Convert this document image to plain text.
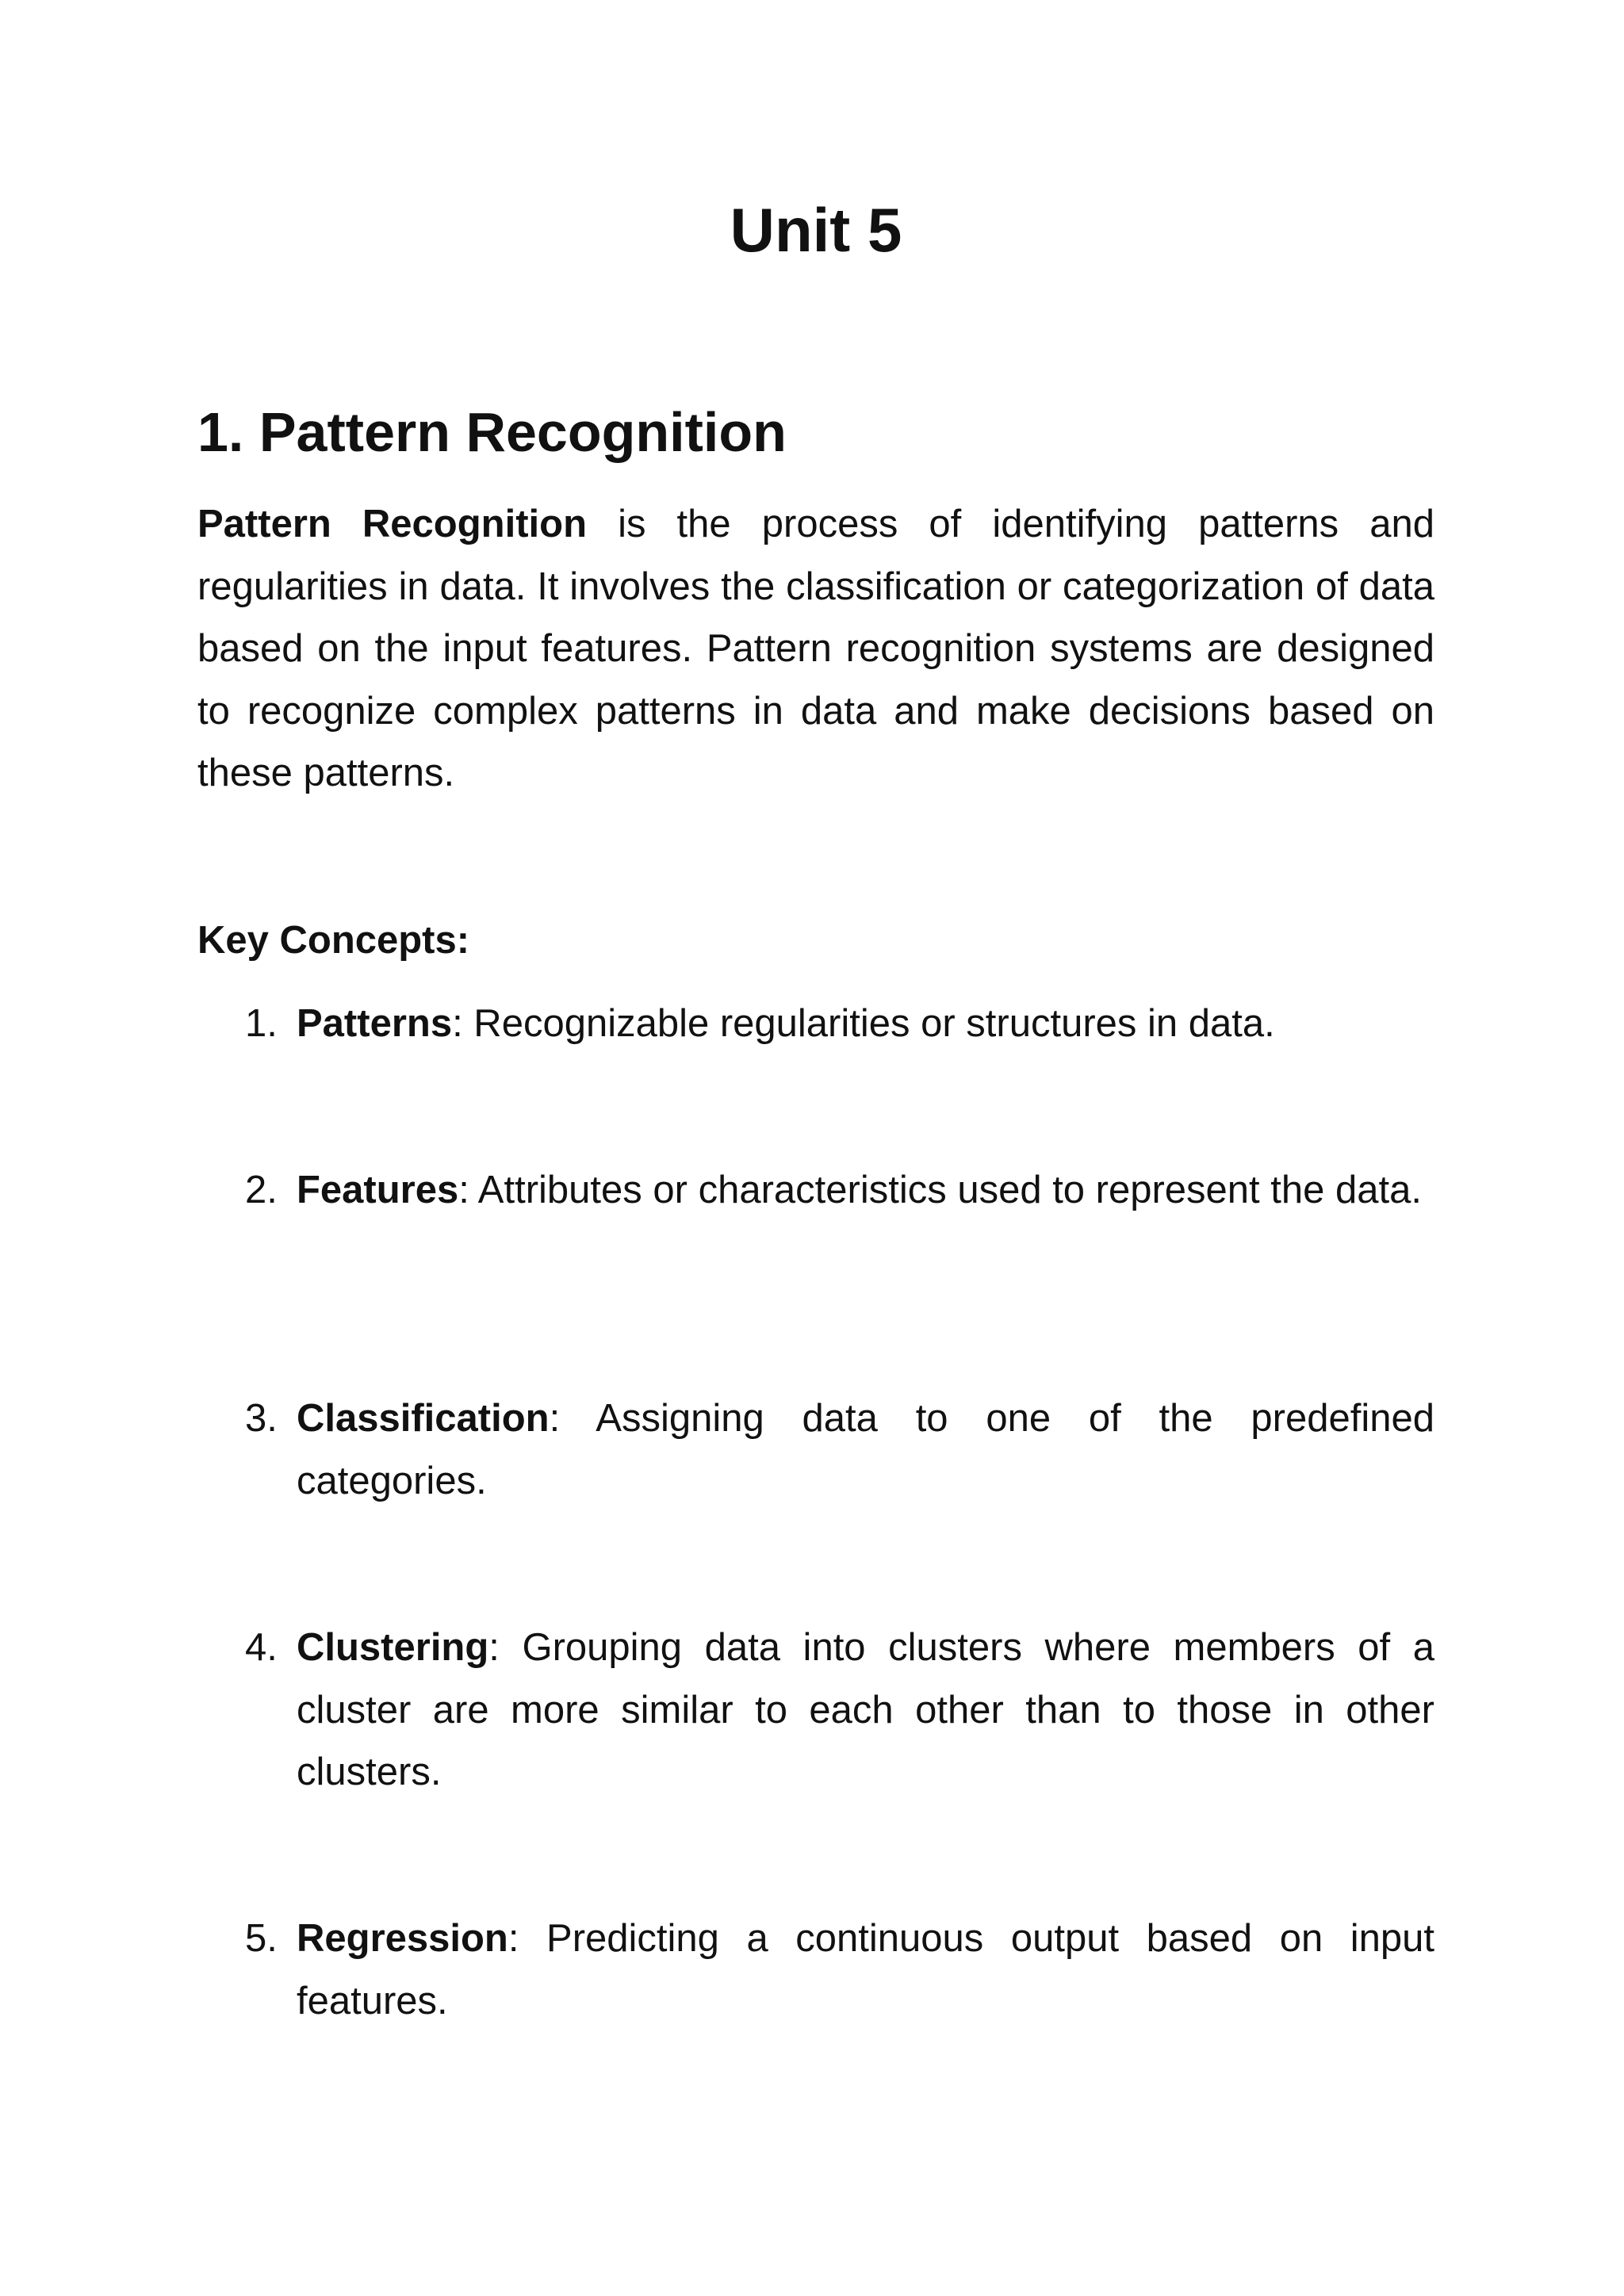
Unit 5
1. Pattern Recognition

Pattern Recognition is the process of identifying patterns and regularities in data. It involves the classification or categorization of data based on the input features. Pattern recognition systems are designed to recognize complex patterns in data and make decisions based on these patterns.

Key Concepts:
1. Patterns: Recognizable regularities or structures in data.

2. Features: Attributes or characteristics used to represent the data.

3. Classification: Assigning data to one of the predefined categories.

4. Clustering: Grouping data into clusters where members of a cluster are more similar to each other than to those in other clusters.

5. Regression: Predicting a continuous output based on input features.
